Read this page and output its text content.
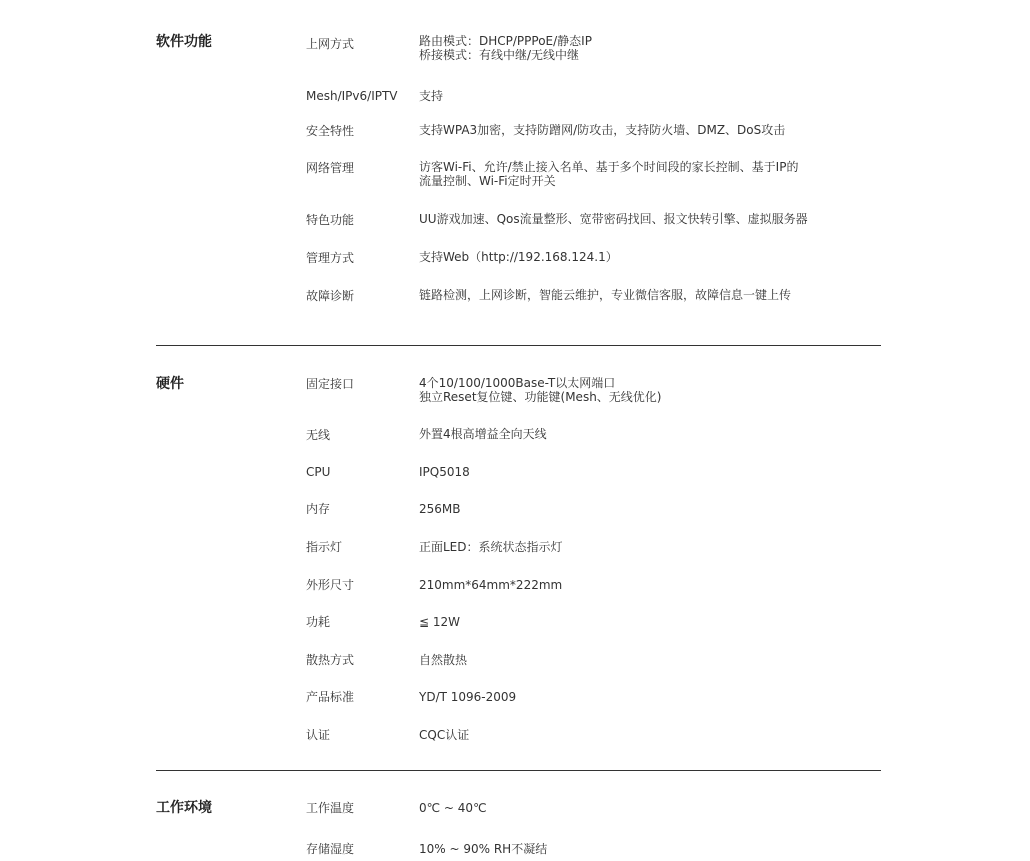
软件功能	上网方式	路由模式：DHCP/PPPoE/静态IP
桥接模式：有线中继/无线中继
Mesh/IPv6/IPTV 支持
安全特性	支持WPA3加密，支持防蹭网/防攻击，支持防火墙、DMZ、DoS攻击
网络管理	访客Wi-Fi、允许/禁止接入名单、基于多个时间段的家长控制、基于IP的
流量控制、Wi-Fi定时开关
特色功能	UU游戏加速、Qos流量整形、宽带密码找回、报文快转引擎、虚拟服务器
管理方式	支持Web（http://192.168.124.1）
故障诊断	链路检测，上网诊断，智能云维护，专业微信客服，故障信息一键上传
硬件	固定接口	4个10/100/1000Base-T以太网端口
独立Reset复位键、功能键(Mesh、无线优化)
无线	外置4根高增益全向天线
CPU	IPQ5018
内存	256MB
指示灯	正面LED：系统状态指示灯
外形尺寸	210mm*64mm*222mm
功耗	≦ 12W
散热方式	自然散热
产品标准	YD/T 1096-2009
认证	CQC认证
工作环境	工作温度	0℃ ~ 40℃
存储湿度	10% ~ 90% RH不凝结
